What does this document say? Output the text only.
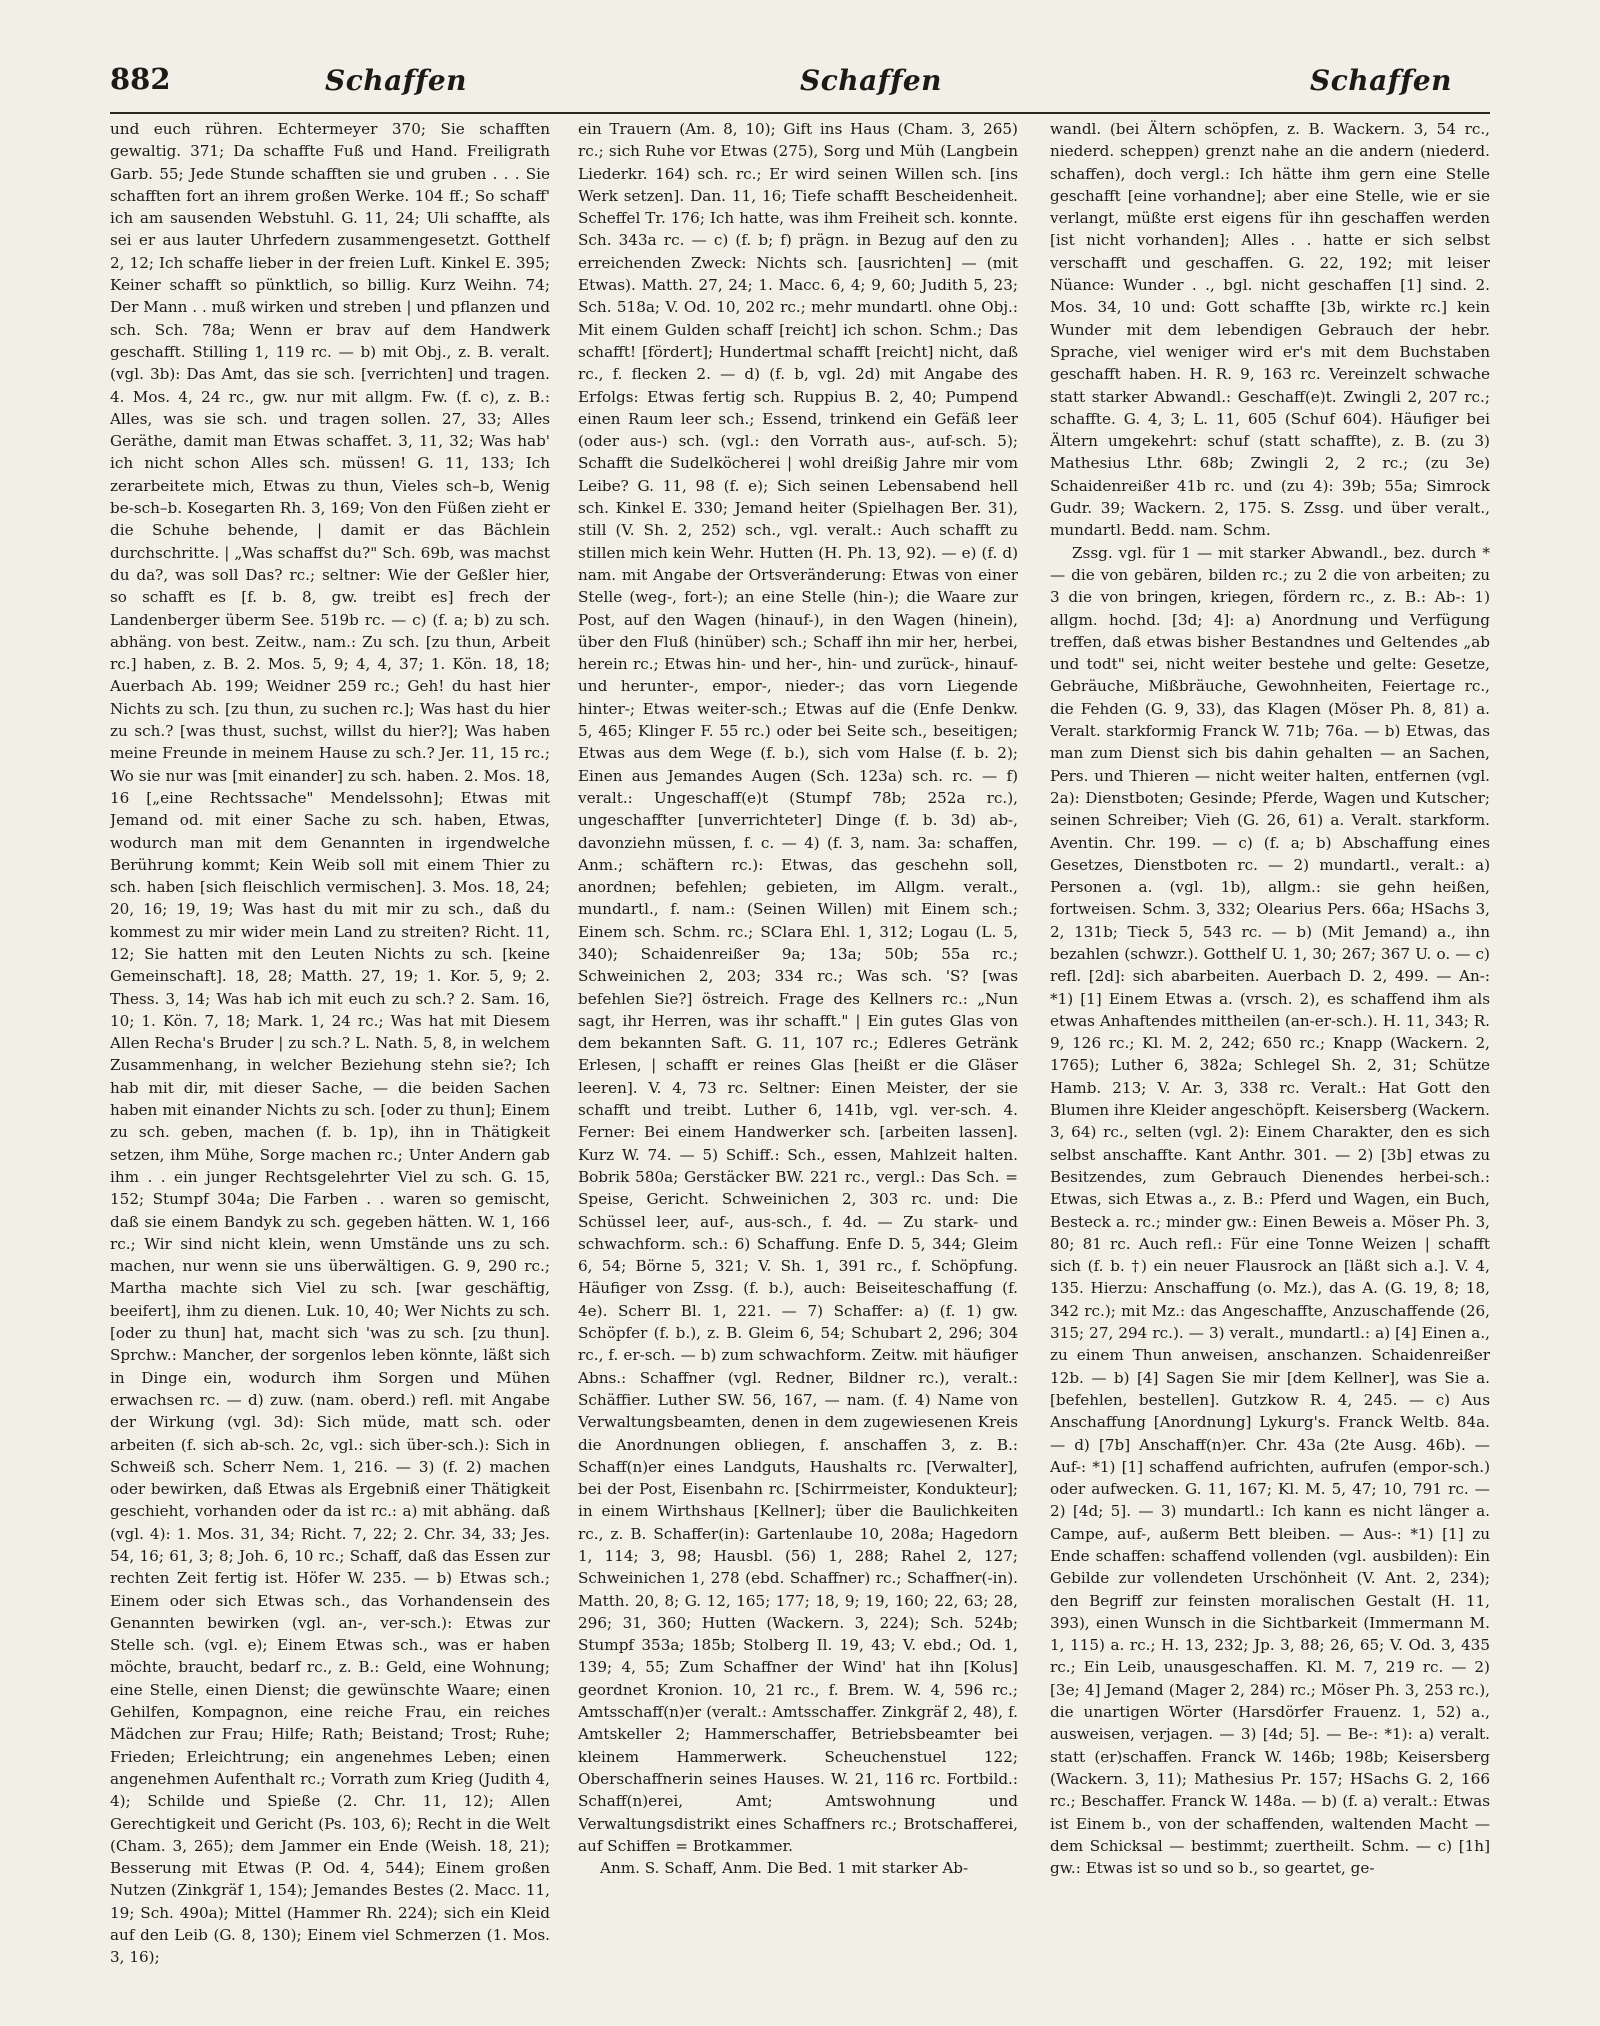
882	Schaffen	Schaffen	Schaffen

und euch rühren. Echtermeyer 370; Sie schafften gewaltig. 371; Da schaffte Fuß und Hand. Freiligrath Garb. 55; Jede Stunde schafften sie und gruben . . . Sie schafften fort an ihrem großen Werke. 104 ff.; So schaff' ich am sausenden Webstuhl. G. 11, 24; Uli schaffte, als sei er aus lauter Uhrfedern zusammengesetzt. Gotthelf 2, 12; Ich schaffe lieber in der freien Luft. Kinkel E. 395; Keiner schafft so pünktlich, so billig. Kurz Weihn. 74; Der Mann . . muß wirken und streben | und pflanzen und sch. Sch. 78a; Wenn er brav auf dem Handwerk geschafft. Stilling 1, 119 rc. — b) mit Obj., z. B. veralt. (vgl. 3b): Das Amt, das sie sch. [verrichten] und tragen. 4. Mos. 4, 24 rc., gw. nur mit allgm. Fw. (f. c), z. B.: Alles, was sie sch. und tragen sollen. 27, 33; Alles Geräthe, damit man Etwas schaffet. 3, 11, 32; Was hab' ich nicht schon Alles sch. müssen! G. 11, 133; Ich zerarbeitete mich, Etwas zu thun, Vieles sch–b, Wenig be-sch–b. Kosegarten Rh. 3, 169; Von den Füßen zieht er die Schuhe behende, | damit er das Bächlein durchschritte. | „Was schaffst du?" Sch. 69b, was machst du da?, was soll Das? rc.; seltner: Wie der Geßler hier, so schafft es [f. b. 8, gw. treibt es] frech der Landenberger überm See. 519b rc. — c) (f. a; b) zu sch. abhäng. von best. Zeitw., nam.: Zu sch. [zu thun, Arbeit rc.] haben, z. B. 2. Mos. 5, 9; 4, 4, 37; 1. Kön. 18, 18; Auerbach Ab. 199; Weidner 259 rc.; Geh! du hast hier Nichts zu sch. [zu thun, zu suchen rc.]; Was hast du hier zu sch.? [was thust, suchst, willst du hier?]; Was haben meine Freunde in meinem Hause zu sch.? Jer. 11, 15 rc.; Wo sie nur was [mit einander] zu sch. haben. 2. Mos. 18, 16 [„eine Rechtssache" Mendelssohn]; Etwas mit Jemand od. mit einer Sache zu sch. haben, Etwas, wodurch man mit dem Genannten in irgendwelche Berührung kommt; Kein Weib soll mit einem Thier zu sch. haben [sich fleischlich vermischen]. 3. Mos. 18, 24; 20, 16; 19, 19; Was hast du mit mir zu sch., daß du kommest zu mir wider mein Land zu streiten? Richt. 11, 12; Sie hatten mit den Leuten Nichts zu sch. [keine Gemeinschaft]. 18, 28; Matth. 27, 19; 1. Kor. 5, 9; 2. Thess. 3, 14; Was hab ich mit euch zu sch.? 2. Sam. 16, 10; 1. Kön. 7, 18; Mark. 1, 24 rc.; Was hat mit Diesem Allen Recha's Bruder | zu sch.? L. Nath. 5, 8, in welchem Zusammenhang, in welcher Beziehung stehn sie?; Ich hab mit dir, mit dieser Sache, — die beiden Sachen haben mit einander Nichts zu sch. [oder zu thun]; Einem zu sch. geben, machen (f. b. 1p), ihn in Thätigkeit setzen, ihm Mühe, Sorge machen rc.; Unter Andern gab ihm . . ein junger Rechtsgelehrter Viel zu sch. G. 15, 152; Stumpf 304a; Die Farben . . waren so gemischt, daß sie einem Bandyk zu sch. gegeben hätten. W. 1, 166 rc.; Wir sind nicht klein, wenn Umstände uns zu sch. machen, nur wenn sie uns überwältigen. G. 9, 290 rc.; Martha machte sich Viel zu sch. [war geschäftig, beeifert], ihm zu dienen. Luk. 10, 40; Wer Nichts zu sch. [oder zu thun] hat, macht sich 'was zu sch. [zu thun]. Sprchw.: Mancher, der sorgenlos leben könnte, läßt sich in Dinge ein, wodurch ihm Sorgen und Mühen erwachsen rc. — d) zuw. (nam. oberd.) refl. mit Angabe der Wirkung (vgl. 3d): Sich müde, matt sch. oder arbeiten (f. sich ab-sch. 2c, vgl.: sich über-sch.): Sich in Schweiß sch. Scherr Nem. 1, 216. — 3) (f. 2) machen oder bewirken, daß Etwas als Ergebniß einer Thätigkeit geschieht, vorhanden oder da ist rc.: a) mit abhäng. daß (vgl. 4): 1. Mos. 31, 34; Richt. 7, 22; 2. Chr. 34, 33; Jes. 54, 16; 61, 3; 8; Joh. 6, 10 rc.; Schaff, daß das Essen zur rechten Zeit fertig ist. Höfer W. 235. — b) Etwas sch.; Einem oder sich Etwas sch., das Vorhandensein des Genannten bewirken (vgl. an-, ver-sch.): Etwas zur Stelle sch. (vgl. e); Einem Etwas sch., was er haben möchte, braucht, bedarf rc., z. B.: Geld, eine Wohnung; eine Stelle, einen Dienst; die gewünschte Waare; einen Gehilfen, Kompagnon, eine reiche Frau, ein reiches Mädchen zur Frau; Hilfe; Rath; Beistand; Trost; Ruhe; Frieden; Erleichtrung; ein angenehmes Leben; einen angenehmen Aufenthalt rc.; Vorrath zum Krieg (Judith 4, 4); Schilde und Spieße (2. Chr. 11, 12); Allen Gerechtigkeit und Gericht (Ps. 103, 6); Recht in die Welt (Cham. 3, 265); dem Jammer ein Ende (Weish. 18, 21); Besserung mit Etwas (P. Od. 4, 544); Einem großen Nutzen (Zinkgräf 1, 154); Jemandes Bestes (2. Macc. 11, 19; Sch. 490a); Mittel (Hammer Rh. 224); sich ein Kleid auf den Leib (G. 8, 130); Einem viel Schmerzen (1. Mos. 3, 16);

ein Trauern (Am. 8, 10); Gift ins Haus (Cham. 3, 265) rc.; sich Ruhe vor Etwas (275), Sorg und Müh (Langbein Liederkr. 164) sch. rc.; Er wird seinen Willen sch. [ins Werk setzen]. Dan. 11, 16; Tiefe schafft Bescheidenheit. Scheffel Tr. 176; Ich hatte, was ihm Freiheit sch. konnte. Sch. 343a rc. — c) (f. b; f) prägn. in Bezug auf den zu erreichenden Zweck: Nichts sch. [ausrichten] — (mit Etwas). Matth. 27, 24; 1. Macc. 6, 4; 9, 60; Judith 5, 23; Sch. 518a; V. Od. 10, 202 rc.; mehr mundartl. ohne Obj.: Mit einem Gulden schaff [reicht] ich schon. Schm.; Das schafft! [fördert]; Hundertmal schafft [reicht] nicht, daß rc., f. flecken 2. — d) (f. b, vgl. 2d) mit Angabe des Erfolgs: Etwas fertig sch. Ruppius B. 2, 40; Pumpend einen Raum leer sch.; Essend, trinkend ein Gefäß leer (oder aus-) sch. (vgl.: den Vorrath aus-, auf-sch. 5); Schafft die Sudelköcherei | wohl dreißig Jahre mir vom Leibe? G. 11, 98 (f. e); Sich seinen Lebensabend hell sch. Kinkel E. 330; Jemand heiter (Spielhagen Ber. 31), still (V. Sh. 2, 252) sch., vgl. veralt.: Auch schafft zu stillen mich kein Wehr. Hutten (H. Ph. 13, 92). — e) (f. d) nam. mit Angabe der Ortsveränderung: Etwas von einer Stelle (weg-, fort-); an eine Stelle (hin-); die Waare zur Post, auf den Wagen (hinauf-), in den Wagen (hinein), über den Fluß (hinüber) sch.; Schaff ihn mir her, herbei, herein rc.; Etwas hin- und her-, hin- und zurück-, hinauf- und herunter-, empor-, nieder-; das vorn Liegende hinter-; Etwas weiter-sch.; Etwas auf die (Enfe Denkw. 5, 465; Klinger F. 55 rc.) oder bei Seite sch., beseitigen; Etwas aus dem Wege (f. b.), sich vom Halse (f. b. 2); Einen aus Jemandes Augen (Sch. 123a) sch. rc. — f) veralt.: Ungeschaff(e)t (Stumpf 78b; 252a rc.), ungeschaffter [unverrichteter] Dinge (f. b. 3d) ab-, davonziehn müssen, f. c. — 4) (f. 3, nam. 3a: schaffen, Anm.; schäftern rc.): Etwas, das geschehn soll, anordnen; befehlen; gebieten, im Allgm. veralt., mundartl., f. nam.: (Seinen Willen) mit Einem sch.; Einem sch. Schm. rc.; SClara Ehl. 1, 312; Logau (L. 5, 340); Schaidenreißer 9a; 13a; 50b; 55a rc.; Schweinichen 2, 203; 334 rc.; Was sch. 'S? [was befehlen Sie?] östreich. Frage des Kellners rc.: „Nun sagt, ihr Herren, was ihr schafft." | Ein gutes Glas von dem bekannten Saft. G. 11, 107 rc.; Edleres Getränk Erlesen, | schafft er reines Glas [heißt er die Gläser leeren]. V. 4, 73 rc. Seltner: Einen Meister, der sie schafft und treibt. Luther 6, 141b, vgl. ver-sch. 4. Ferner: Bei einem Handwerker sch. [arbeiten lassen]. Kurz W. 74. — 5) Schiff.: Sch., essen, Mahlzeit halten. Bobrik 580a; Gerstäcker BW. 221 rc., vergl.: Das Sch. = Speise, Gericht. Schweinichen 2, 303 rc. und: Die Schüssel leer, auf-, aus-sch., f. 4d. — Zu stark- und schwachform. sch.: 6) Schaffung. Enfe D. 5, 344; Gleim 6, 54; Börne 5, 321; V. Sh. 1, 391 rc., f. Schöpfung. Häufiger von Zssg. (f. b.), auch: Beiseiteschaffung (f. 4e). Scherr Bl. 1, 221. — 7) Schaffer: a) (f. 1) gw. Schöpfer (f. b.), z. B. Gleim 6, 54; Schubart 2, 296; 304 rc., f. er-sch. — b) zum schwachform. Zeitw. mit häufiger Abns.: Schaffner (vgl. Redner, Bildner rc.), veralt.: Schäffier. Luther SW. 56, 167, — nam. (f. 4) Name von Verwaltungsbeamten, denen in dem zugewiesenen Kreis die Anordnungen obliegen, f. anschaffen 3, z. B.: Schaff(n)er eines Landguts, Haushalts rc. [Verwalter], bei der Post, Eisenbahn rc. [Schirrmeister, Kondukteur]; in einem Wirthshaus [Kellner]; über die Baulichkeiten rc., z. B. Schaffer(in): Gartenlaube 10, 208a; Hagedorn 1, 114; 3, 98; Hausbl. (56) 1, 288; Rahel 2, 127; Schweinichen 1, 278 (ebd. Schaffner) rc.; Schaffner(-in). Matth. 20, 8; G. 12, 165; 177; 18, 9; 19, 160; 22, 63; 28, 296; 31, 360; Hutten (Wackern. 3, 224); Sch. 524b; Stumpf 353a; 185b; Stolberg Il. 19, 43; V. ebd.; Od. 1, 139; 4, 55; Zum Schaffner der Wind' hat ihn [Kolus] geordnet Kronion. 10, 21 rc., f. Brem. W. 4, 596 rc.; Amtsschaff(n)er (veralt.: Amtsschaffer. Zinkgräf 2, 48), f. Amtskeller 2; Hammerschaffer, Betriebsbeamter bei kleinem Hammerwerk. Scheuchenstuel 122; Oberschaffnerin seines Hauses. W. 21, 116 rc. Fortbild.: Schaff(n)erei, Amt; Amtswohnung und Verwaltungsdistrikt eines Schaffners rc.; Brotschafferei, auf Schiffen = Brotkammer.

Anm. S. Schaff, Anm. Die Bed. 1 mit starker Ab-

wandl. (bei Ältern schöpfen, z. B. Wackern. 3, 54 rc., niederd. scheppen) grenzt nahe an die andern (niederd. schaffen), doch vergl.: Ich hätte ihm gern eine Stelle geschafft [eine vorhandne]; aber eine Stelle, wie er sie verlangt, müßte erst eigens für ihn geschaffen werden [ist nicht vorhanden]; Alles . . hatte er sich selbst verschafft und geschaffen. G. 22, 192; mit leiser Nüance: Wunder . ., bgl. nicht geschaffen [1] sind. 2. Mos. 34, 10 und: Gott schaffte [3b, wirkte rc.] kein Wunder mit dem lebendigen Gebrauch der hebr. Sprache, viel weniger wird er's mit dem Buchstaben geschafft haben. H. R. 9, 163 rc. Vereinzelt schwache statt starker Abwandl.: Geschaff(e)t. Zwingli 2, 207 rc.; schaffte. G. 4, 3; L. 11, 605 (Schuf 604). Häufiger bei Ältern umgekehrt: schuf (statt schaffte), z. B. (zu 3) Mathesius Lthr. 68b; Zwingli 2, 2 rc.; (zu 3e) Schaidenreißer 41b rc. und (zu 4): 39b; 55a; Simrock Gudr. 39; Wackern. 2, 175. S. Zssg. und über veralt., mundartl. Bedd. nam. Schm.

Zssg. vgl. für 1 — mit starker Abwandl., bez. durch * — die von gebären, bilden rc.; zu 2 die von arbeiten; zu 3 die von bringen, kriegen, fördern rc., z. B.: Ab-: 1) allgm. hochd. [3d; 4]: a) Anordnung und Verfügung treffen, daß etwas bisher Bestandnes und Geltendes „ab und todt" sei, nicht weiter bestehe und gelte: Gesetze, Gebräuche, Mißbräuche, Gewohnheiten, Feiertage rc., die Fehden (G. 9, 33), das Klagen (Möser Ph. 8, 81) a. Veralt. starkformig Franck W. 71b; 76a. — b) Etwas, das man zum Dienst sich bis dahin gehalten — an Sachen, Pers. und Thieren — nicht weiter halten, entfernen (vgl. 2a): Dienstboten; Gesinde; Pferde, Wagen und Kutscher; seinen Schreiber; Vieh (G. 26, 61) a. Veralt. starkform. Aventin. Chr. 199. — c) (f. a; b) Abschaffung eines Gesetzes, Dienstboten rc. — 2) mundartl., veralt.: a) Personen a. (vgl. 1b), allgm.: sie gehn heißen, fortweisen. Schm. 3, 332; Olearius Pers. 66a; HSachs 3, 2, 131b; Tieck 5, 543 rc. — b) (Mit Jemand) a., ihn bezahlen (schwzr.). Gotthelf U. 1, 30; 267; 367 U. o. — c) refl. [2d]: sich abarbeiten. Auerbach D. 2, 499. — An-: *1) [1] Einem Etwas a. (vrsch. 2), es schaffend ihm als etwas Anhaftendes mittheilen (an-er-sch.). H. 11, 343; R. 9, 126 rc.; Kl. M. 2, 242; 650 rc.; Knapp (Wackern. 2, 1765); Luther 6, 382a; Schlegel Sh. 2, 31; Schütze Hamb. 213; V. Ar. 3, 338 rc. Veralt.: Hat Gott den Blumen ihre Kleider angeschöpft. Keisersberg (Wackern. 3, 64) rc., selten (vgl. 2): Einem Charakter, den es sich selbst anschaffte. Kant Anthr. 301. — 2) [3b] etwas zu Besitzendes, zum Gebrauch Dienendes herbei-sch.: Etwas, sich Etwas a., z. B.: Pferd und Wagen, ein Buch, Besteck a. rc.; minder gw.: Einen Beweis a. Möser Ph. 3, 80; 81 rc. Auch refl.: Für eine Tonne Weizen | schafft sich (f. b. †) ein neuer Flausrock an [läßt sich a.]. V. 4, 135. Hierzu: Anschaffung (o. Mz.), das A. (G. 19, 8; 18, 342 rc.); mit Mz.: das Angeschaffte, Anzuschaffende (26, 315; 27, 294 rc.). — 3) veralt., mundartl.: a) [4] Einen a., zu einem Thun anweisen, anschanzen. Schaidenreißer 12b. — b) [4] Sagen Sie mir [dem Kellner], was Sie a. [befehlen, bestellen]. Gutzkow R. 4, 245. — c) Aus Anschaffung [Anordnung] Lykurg's. Franck Weltb. 84a. — d) [7b] Anschaff(n)er. Chr. 43a (2te Ausg. 46b). — Auf-: *1) [1] schaffend aufrichten, aufrufen (empor-sch.) oder aufwecken. G. 11, 167; Kl. M. 5, 47; 10, 791 rc. — 2) [4d; 5]. — 3) mundartl.: Ich kann es nicht länger a. Campe, auf-, außerm Bett bleiben. — Aus-: *1) [1] zu Ende schaffen: schaffend vollenden (vgl. ausbilden): Ein Gebilde zur vollendeten Urschönheit (V. Ant. 2, 234); den Begriff zur feinsten moralischen Gestalt (H. 11, 393), einen Wunsch in die Sichtbarkeit (Immermann M. 1, 115) a. rc.; H. 13, 232; Jp. 3, 88; 26, 65; V. Od. 3, 435 rc.; Ein Leib, unausgeschaffen. Kl. M. 7, 219 rc. — 2) [3e; 4] Jemand (Mager 2, 284) rc.; Möser Ph. 3, 253 rc.), die unartigen Wörter (Harsdörfer Frauenz. 1, 52) a., ausweisen, verjagen. — 3) [4d; 5]. — Be-: *1): a) veralt. statt (er)schaffen. Franck W. 146b; 198b; Keisersberg (Wackern. 3, 11); Mathesius Pr. 157; HSachs G. 2, 166 rc.; Beschaffer. Franck W. 148a. — b) (f. a) veralt.: Etwas ist Einem b., von der schaffenden, waltenden Macht — dem Schicksal — bestimmt; zuertheilt. Schm. — c) [1h] gw.: Etwas ist so und so b., so geartet, ge-
